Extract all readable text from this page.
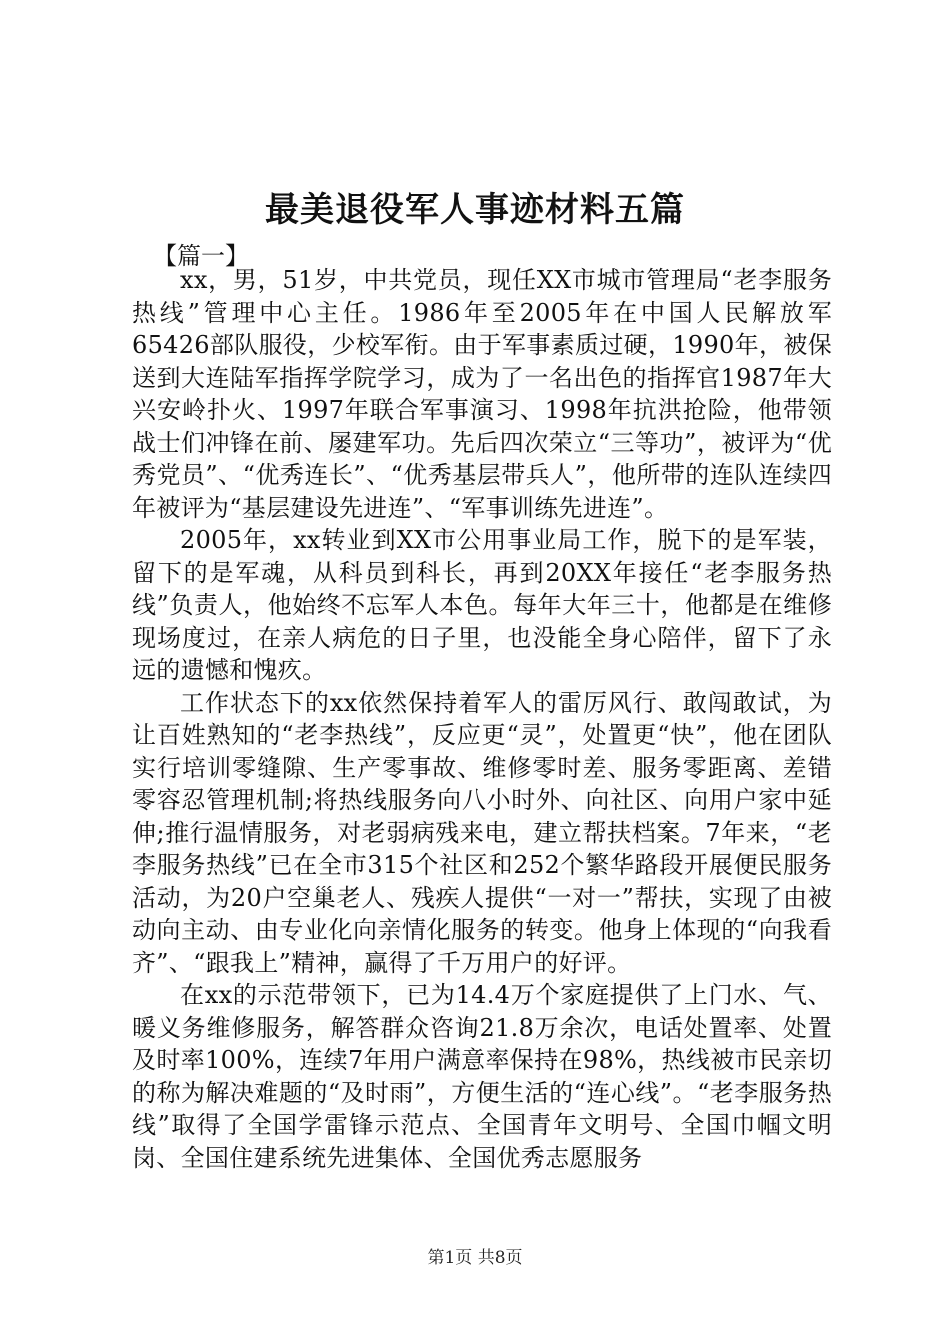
最美退役军人事迹材料五篇
【篇一】

xx，男，51岁，中共党员，现任XX市城市管理局“老李服务热线”管理中心主任。1986年至2005年在中国人民解放军65426部队服役，少校军衔。由于军事素质过硬，1990年，被保送到大连陆军指挥学院学习，成为了一名出色的指挥官1987年大兴安岭扑火、1997年联合军事演习、1998年抗洪抢险，他带领战士们冲锋在前、屡建军功。先后四次荣立“三等功”，被评为“优秀党员”、“优秀连长”、“优秀基层带兵人”，他所带的连队连续四年被评为“基层建设先进连”、“军事训练先进连”。

2005年，xx转业到XX市公用事业局工作，脱下的是军装，留下的是军魂，从科员到科长，再到20XX年接任“老李服务热线”负责人，他始终不忘军人本色。每年大年三十，他都是在维修现场度过，在亲人病危的日子里，也没能全身心陪伴，留下了永远的遗憾和愧疚。

工作状态下的xx依然保持着军人的雷厉风行、敢闯敢试，为让百姓熟知的“老李热线”，反应更“灵”，处置更“快”，他在团队实行培训零缝隙、生产零事故、维修零时差、服务零距离、差错零容忍管理机制;将热线服务向八小时外、向社区、向用户家中延伸;推行温情服务，对老弱病残来电，建立帮扶档案。7年来，“老李服务热线”已在全市315个社区和252个繁华路段开展便民服务活动，为20户空巢老人、残疾人提供“一对一”帮扶，实现了由被动向主动、由专业化向亲情化服务的转变。他身上体现的“向我看齐”、“跟我上”精神，赢得了千万用户的好评。

在xx的示范带领下，已为14.4万个家庭提供了上门水、气、暖义务维修服务，解答群众咨询21.8万余次，电话处置率、处置及时率100%，连续7年用户满意率保持在98%，热线被市民亲切的称为解决难题的“及时雨”，方便生活的“连心线”。“老李服务热线”取得了全国学雷锋示范点、全国青年文明号、全国巾帼文明岗、全国住建系统先进集体、全国优秀志愿服务

第1页 共8页
